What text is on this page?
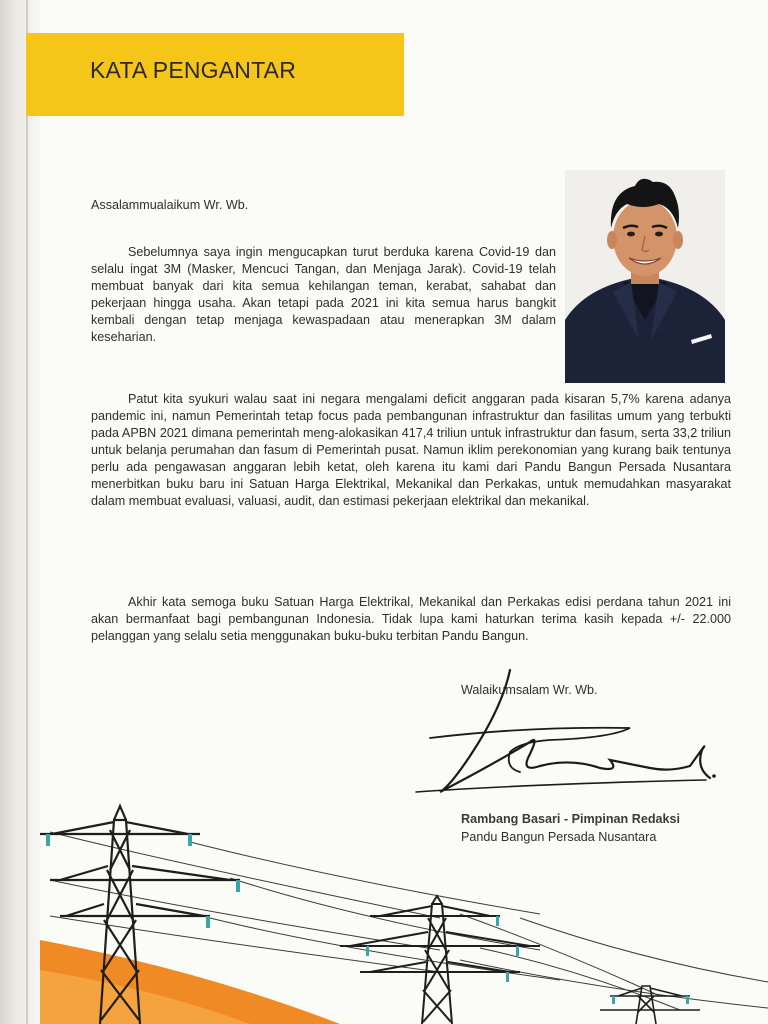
KATA PENGANTAR
Assalammualaikum Wr. Wb.
Sebelumnya saya ingin mengucapkan turut berduka karena Covid-19 dan selalu ingat 3M (Masker, Mencuci Tangan, dan Menjaga Jarak). Covid-19 telah membuat banyak dari kita semua kehilangan teman, kerabat, sahabat dan pekerjaan hingga usaha. Akan tetapi pada 2021 ini kita semua harus bangkit kembali dengan tetap menjaga kewaspadaan atau menerapkan 3M dalam keseharian.
Patut kita syukuri walau saat ini negara mengalami deficit anggaran pada kisaran 5,7% karena adanya pandemic ini, namun Pemerintah tetap focus pada pembangunan infrastruktur dan fasilitas umum yang terbukti pada APBN 2021 dimana pemerintah meng-alokasikan 417,4 triliun untuk infrastruktur dan fasum, serta 33,2 triliun untuk belanja perumahan dan fasum di Pemerintah pusat. Namun iklim perekonomian yang kurang baik tentunya perlu ada pengawasan anggaran lebih ketat, oleh karena itu kami dari Pandu Bangun Persada Nusantara menerbitkan buku baru ini Satuan Harga Elektrikal, Mekanikal dan Perkakas, untuk memudahkan masyarakat dalam membuat evaluasi, valuasi, audit, dan estimasi pekerjaan elektrikal dan mekanikal.
Akhir kata semoga buku Satuan Harga Elektrikal, Mekanikal dan Perkakas edisi perdana tahun 2021 ini akan bermanfaat bagi pembangunan Indonesia. Tidak lupa kami haturkan terima kasih kepada +/- 22.000 pelanggan yang selalu setia menggunakan buku-buku terbitan Pandu Bangun.
Walaikumsalam Wr. Wb.
Rambang Basari - Pimpinan Redaksi
Pandu Bangun Persada Nusantara
